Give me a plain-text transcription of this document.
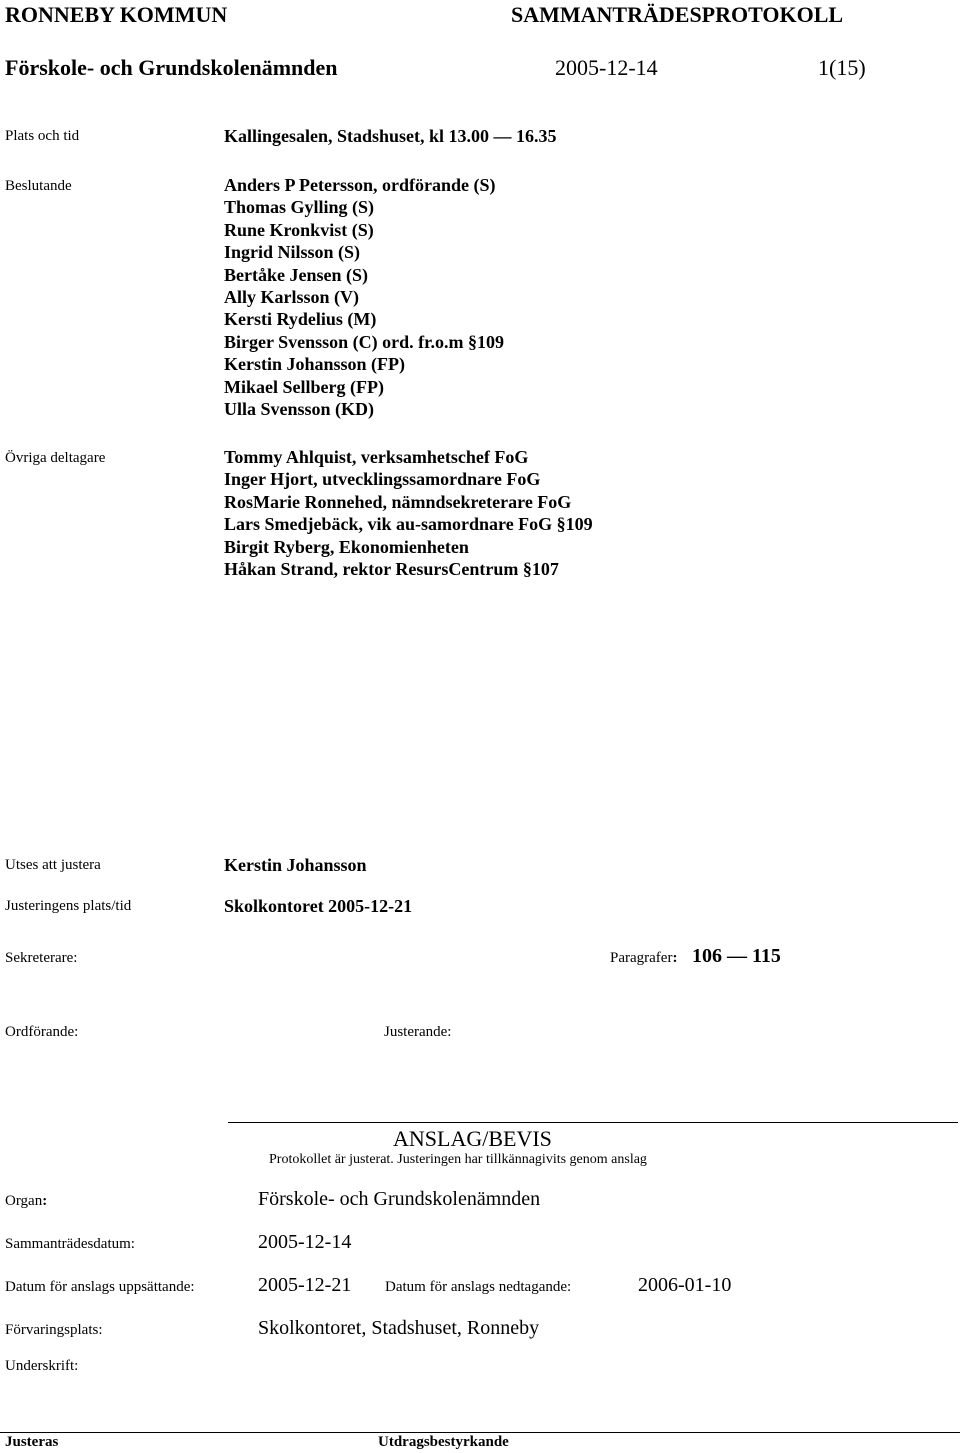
RONNEBY KOMMUN	SAMMANTRÄDESPROTOKOLL
Förskole- och Grundskolenämnden	2005-12-14	1(15)
Plats och tid	Kallingesalen, Stadshuset, kl 13.00 — 16.35
Beslutande	Anders P Petersson, ordförande (S)
Thomas Gylling (S)
Rune Kronkvist (S)
Ingrid Nilsson (S)
Bertåke Jensen (S)
Ally Karlsson (V)
Kersti Rydelius (M)
Birger Svensson (C) ord. fr.o.m §109
Kerstin Johansson (FP)
Mikael Sellberg (FP)
Ulla Svensson (KD)
Övriga deltagare	Tommy Ahlquist, verksamhetschef FoG
Inger Hjort, utvecklingssamordnare FoG
RosMarie Ronnehed, nämndsekreterare FoG
Lars Smedjebäck, vik au-samordnare FoG §109
Birgit Ryberg, Ekonomienheten
Håkan Strand, rektor ResursCentrum §107
Utses att justera	Kerstin Johansson
Justeringens plats/tid	Skolkontoret 2005-12-21
Sekreterare:	Paragrafer: 106 — 115
Ordförande:	Justerande:
ANSLAG/BEVIS
Protokollet är justerat. Justeringen har tillkännagivits genom anslag
Organ:	Förskole- och Grundskolenämnden
Sammanträdesdatum:	2005-12-14
Datum för anslags uppsättande:	2005-12-21 Datum för anslags nedtagande:	2006-01-10
Förvaringsplats:	Skolkontoret, Stadshuset, Ronneby
Underskrift:
Justeras	Utdragsbestyrkande
